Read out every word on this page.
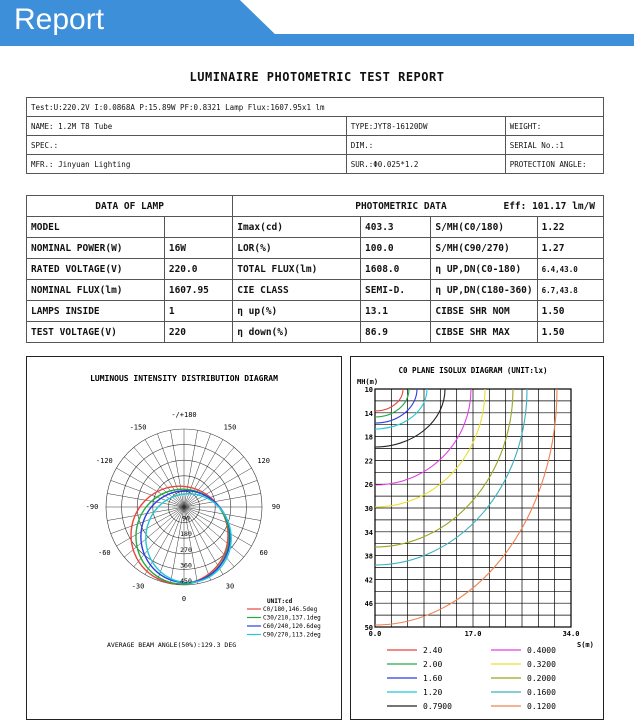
Report
LUMINAIRE PHOTOMETRIC TEST REPORT
Test:U:220.2V I:0.0868A P:15.89W PF:0.8321 Lamp Flux:1607.95x1 lm		
NAME: 1.2M T8 Tube	TYPE:JYT8-16120DW	WEIGHT:
SPEC.:	DIM.:	SERIAL No.:1
MFR.: Jinyuan Lighting	SUR.:Φ0.025*1.2	PROTECTION ANGLE:
DATA OF LAMP		PHOTOMETRIC DATA Eff: 101.17 lm/W			

MODEL		Imax(cd)	403.3	S/MH(C0/180)	1.22
NOMINAL POWER(W)	16W	LOR(%)	100.0	S/MH(C90/270)	1.27
RATED VOLTAGE(V)	220.0	TOTAL FLUX(lm)	1608.0	η UP,DN(C0-180)	6.4,43.0
NOMINAL FLUX(lm)	1607.95	CIE CLASS	SEMI-D.	η UP,DN(C180-360)	6.7,43.8
LAMPS INSIDE	1	η up(%)	13.1	CIBSE SHR NOM	1.50
TEST VOLTAGE(V)	220	η down(%)	86.9	CIBSE SHR MAX	1.50
LUMINOUS INTENSITY DISTRIBUTION DIAGRAM
-/+180
150
120
90
60
30
0
-30
-60
-90
-120
-150
90
180
270
360
450
UNIT:cd
C0/180,146.5deg
C30/210,137.1deg
C60/240,120.6deg
C90/270,113.2deg
AVERAGE BEAM ANGLE(50%):129.3 DEG
C0 PLANE ISOLUX DIAGRAM (UNIT:lx)
MH(m)
10
14
18
22
26
30
34
38
42
46
50
0.0	17.0	34.0
S(m)
2.40
2.00
1.60
1.20
0.7900
0.4000
0.3200
0.2000
0.1600
0.1200
